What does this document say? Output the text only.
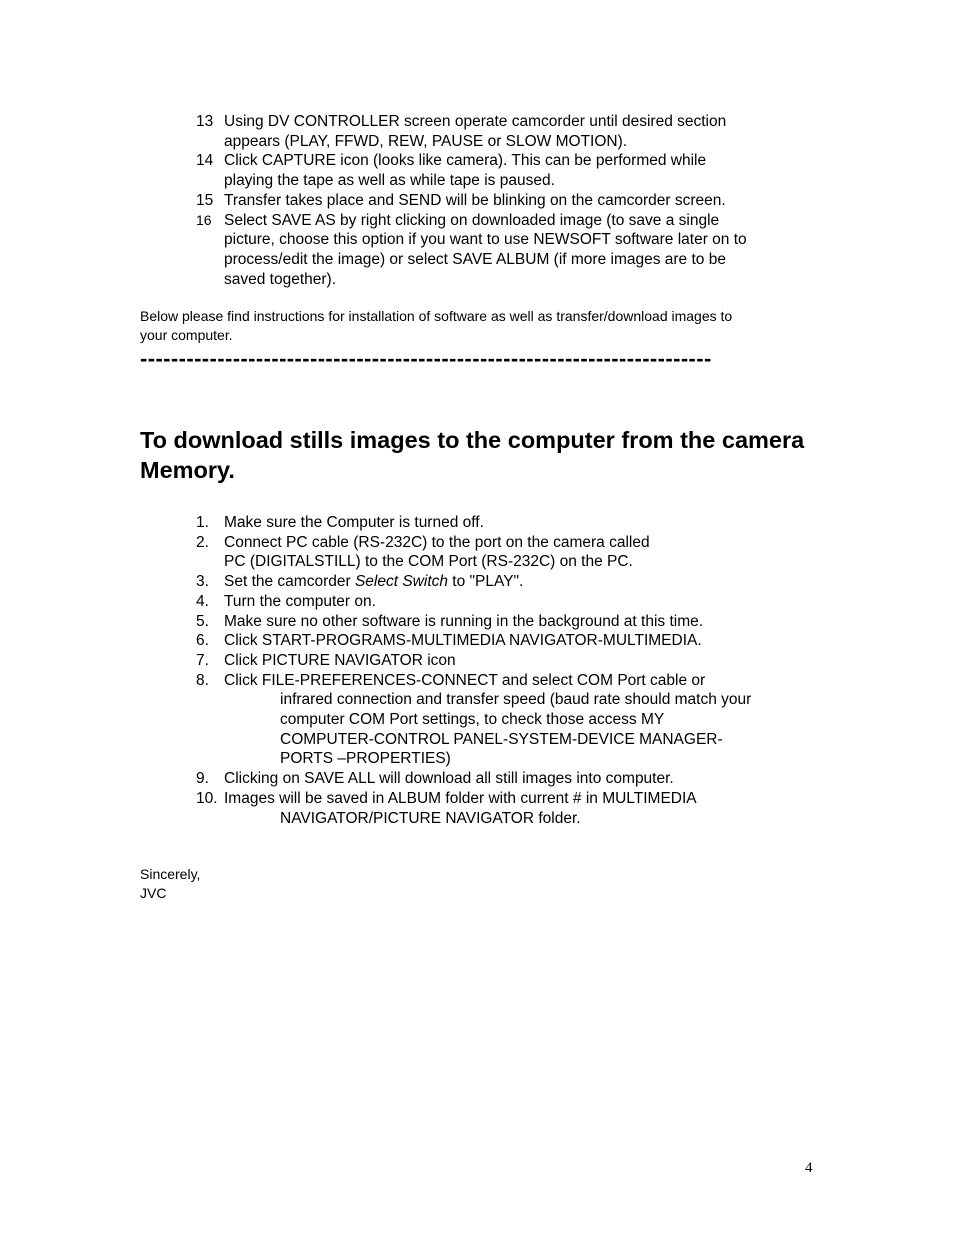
13 Using DV CONTROLLER screen operate camcorder until desired section
appears (PLAY, FFWD, REW, PAUSE or SLOW MOTION).
14 Click CAPTURE icon (looks like camera). This can be performed while
playing the tape as well as while tape is paused.
15 Transfer takes place and SEND will be blinking on the camcorder screen.
16 Select SAVE AS by right clicking on downloaded image (to save a single
picture, choose this option if you want to use NEWSOFT software later on to
process/edit the image) or select SAVE ALBUM (if more images are to be
saved together).
Below please find instructions for installation of software as well as transfer/download images to
your computer.
--------------------------------------------------------------------------
To download stills images to the computer from the camera
Memory.
1. Make sure the Computer is turned off.
2. Connect PC cable (RS-232C) to the port on the camera called
PC (DIGITALSTILL) to the COM Port (RS-232C) on the PC.
3. Set the camcorder Select Switch to "PLAY".
4. Turn the computer on.
5. Make sure no other software is running in the background at this time.
6. Click START-PROGRAMS-MULTIMEDIA NAVIGATOR-MULTIMEDIA.
7. Click PICTURE NAVIGATOR icon
8. Click FILE-PREFERENCES-CONNECT and select COM Port cable or
infrared connection and transfer speed (baud rate should match your
computer COM Port settings, to check those access MY
COMPUTER-CONTROL PANEL-SYSTEM-DEVICE MANAGER-
PORTS –PROPERTIES)
9. Clicking on SAVE ALL will download all still images into computer.
10. Images will be saved in ALBUM folder with current # in MULTIMEDIA
NAVIGATOR/PICTURE NAVIGATOR folder.
Sincerely,
JVC
4
